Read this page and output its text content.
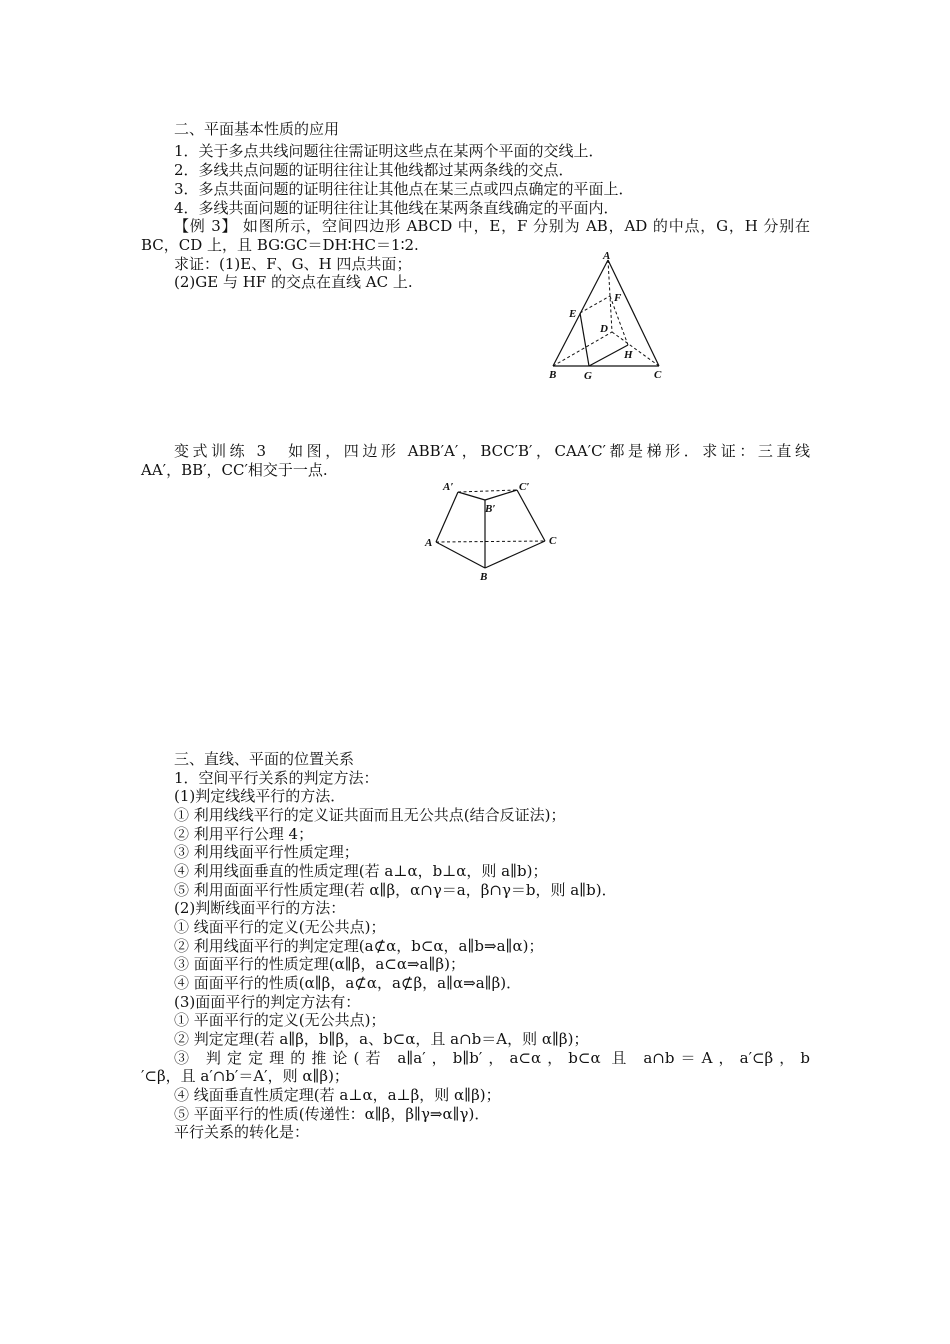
二、平面基本性质的应用
1．关于多点共线问题往往需证明这些点在某两个平面的交线上．
2．多线共点问题的证明往往让其他线都过某两条线的交点．
3．多点共面问题的证明往往让其他点在某三点或四点确定的平面上．
4．多线共面问题的证明往往让其他线在某两条直线确定的平面内．
【例 3】 如图所示，空间四边形 ABCD 中，E，F 分别为 AB，AD 的中点，G，H 分别在
BC，CD 上，且 BG∶GC＝DH∶HC＝1∶2.
求证：(1)E、F、G、H 四点共面；
(2)GE 与 HF 的交点在直线 AC 上.
A
F
E
D
H
B	G	C
变式训练 3　如图，四边形 ABB′A′，BCC′B′，CAA′C′都是梯形．求证：三直线
AA′，BB′，CC′相交于一点.
A′	C′
B′
A	C
B
三、直线、平面的位置关系
1．空间平行关系的判定方法：
(1)判定线线平行的方法．
① 利用线线平行的定义证共面而且无公共点(结合反证法)；
② 利用平行公理 4；
③ 利用线面平行性质定理；
④ 利用线面垂直的性质定理(若 a⊥α，b⊥α，则 a∥b)；
⑤ 利用面面平行性质定理(若 α∥β，α∩γ＝a，β∩γ＝b，则 a∥b)．
(2)判断线面平行的方法：
① 线面平行的定义(无公共点)；
② 利用线面平行的判定定理(a⊄α，b⊂α，a∥b⇒a∥α)；
③ 面面平行的性质定理(α∥β，a⊂α⇒a∥β)；
④ 面面平行的性质(α∥β，a⊄α，a⊄β，a∥α⇒a∥β)．
(3)面面平行的判定方法有：
① 平面平行的定义(无公共点)；
② 判定定理(若 a∥β，b∥β，a、b⊂α，且 a∩b＝A，则 α∥β)；
③ 判定定理的推论(若 a∥a′，b∥b′，a⊂α，b⊂α 且 a∩b＝A，a′⊂β，b
′⊂β，且 a′∩b′＝A′，则 α∥β)；
④ 线面垂直性质定理(若 a⊥α，a⊥β，则 α∥β)；
⑤ 平面平行的性质(传递性：α∥β，β∥γ⇒α∥γ)．
平行关系的转化是：
